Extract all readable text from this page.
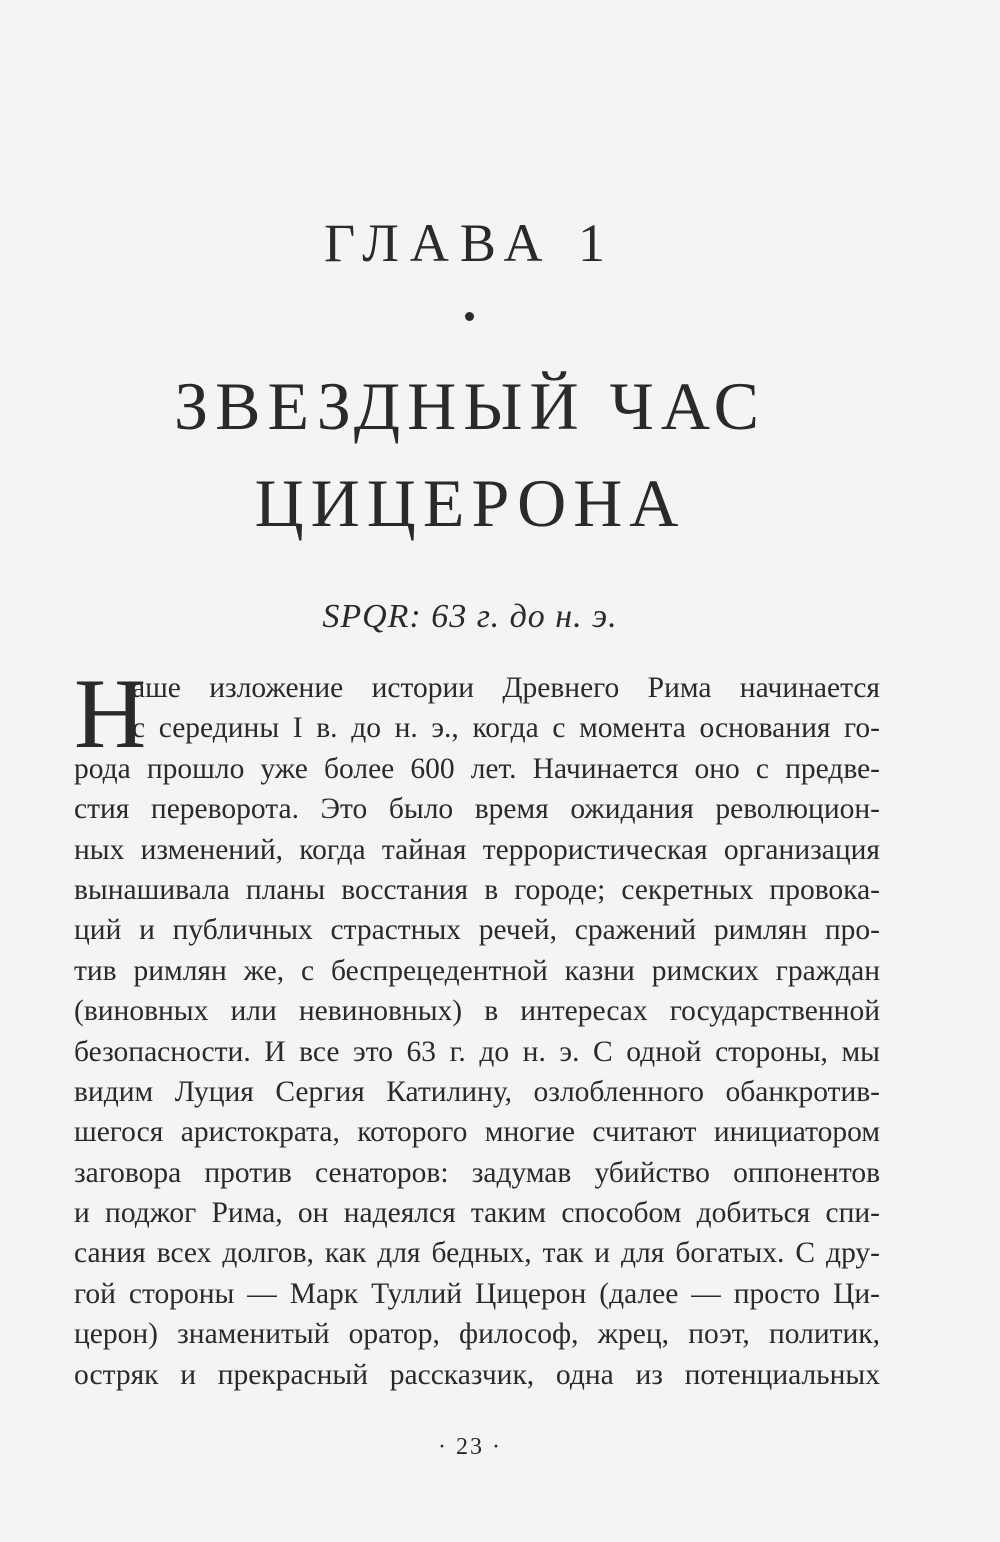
ГЛАВА 1
ЗВЕЗДНЫЙ ЧАС
ЦИЦЕРОНА
SPQR: 63 г. до н. э.
Н
аше изложение истории Древнего Рима начинается
с середины I в. до н. э., когда с момента основания го-
рода прошло уже более 600 лет. Начинается оно с предве-
стия переворота. Это было время ожидания революцион-
ных изменений, когда тайная террористическая организация
вынашивала планы восстания в городе; секретных провока-
ций и публичных страстных речей, сражений римлян про-
тив римлян же, с беспрецедентной казни римских граждан
(виновных или невиновных) в интересах государственной
безопасности. И все это 63 г. до н. э. С одной стороны, мы
видим Луция Сергия Катилину, озлобленного обанкротив-
шегося аристократа, которого многие считают инициатором
заговора против сенаторов: задумав убийство оппонентов
и поджог Рима, он надеялся таким способом добиться спи-
сания всех долгов, как для бедных, так и для богатых. С дру-
гой стороны — Марк Туллий Цицерон (далее — просто Ци-
церон) знаменитый оратор, философ, жрец, поэт, политик,
остряк и прекрасный рассказчик, одна из потенциальных
· 23 ·
